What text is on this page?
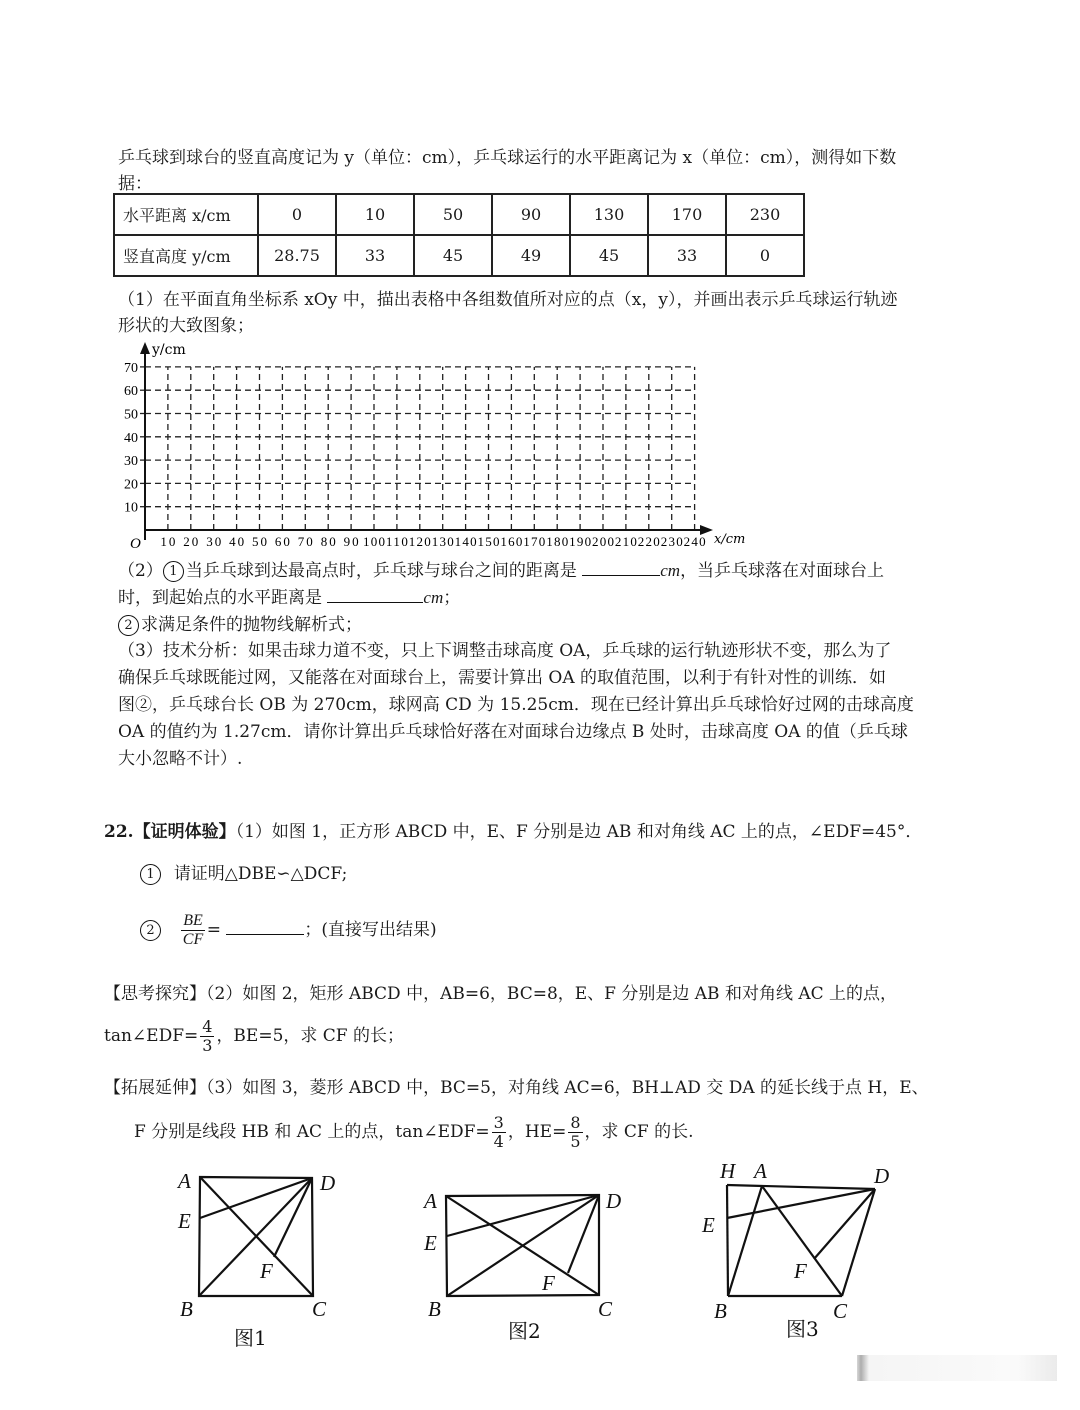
乒乓球到球台的竖直高度记为 y（单位：cm），乒乓球运行的水平距离记为 x（单位：cm），测得如下数
据：
水平距离 x/cm	0	10	50	90	130	170	230
竖直高度 y/cm	28.75	33	45	49	45	33	0
（1）在平面直角坐标系 xOy 中，描出表格中各组数值所对应的点（x，y），并画出表示乒乓球运行轨迹
形状的大致图象；
y/cm
x/cm
O 10 20 30 40 50 60 70 80 90 100 110 120 130 140 150 160 170 180 190 200 210 220 230 240
10
20
30
40
50
60
70
（2） 1 当乒乓球到达最高点时，乒乓球与球台之间的距离是	cm，当乒乓球落在对面球台上
时，到起始点的水平距离是	cm；
2 求满足条件的抛物线解析式；
（3）技术分析：如果击球力道不变，只上下调整击球高度 OA，乒乓球的运行轨迹形状不变，那么为了
确保乒乓球既能过网，又能落在对面球台上，需要计算出 OA 的取值范围，以利于有针对性的训练．如
图②，乒乓球台长 OB 为 270cm，球网高 CD 为 15.25cm．现在已经计算出乒乓球恰好过网的击球高度
OA 的值约为 1.27cm．请你计算出乒乓球恰好落在对面球台边缘点 B 处时，击球高度 OA 的值（乒乓球
大小忽略不计）.
22.【证明体验】（1）如图 1，正方形 ABCD 中，E、F 分别是边 AB 和对角线 AC 上的点，∠EDF=45°．
1 请证明△DBE∽△DCF;
$2 \frac{BE}{CF}$ =	；(直接写出结果)
【思考探究】（2）如图 2，矩形 ABCD 中，AB=6，BC=8，E、F 分别是边 AB 和对角线 AC 上的点，
tan∠EDF= $\frac{4}{3}$ ，BE=5，求 CF 的长；
【拓展延伸】（3）如图 3，菱形 ABCD 中，BC=5，对角线 AC=6，BH⊥AD 交 DA 的延长线于点 H，E、
F 分别是线段 HB 和 AC 上的点，tan∠EDF= $\frac{3}{4}$ ，$HE= \frac{8}{5}$ ，求 CF 的长.
A	D
E
F
B	C
图1
A	D
E
F
B	C
图2
H A	D
E
F
B	C
图3
